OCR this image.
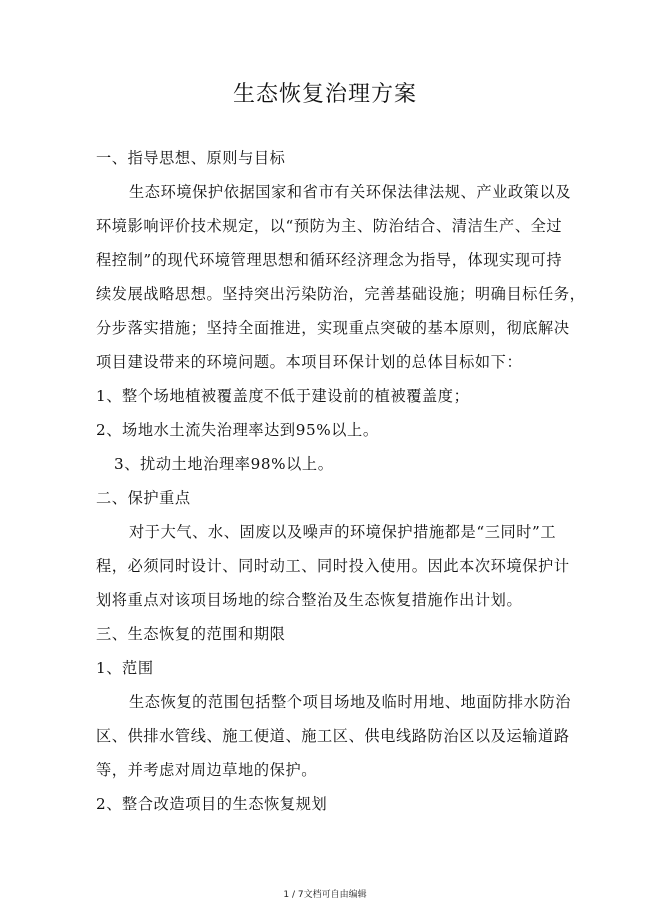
生态恢复治理方案
一、指导思想、原则与目标
生态环境保护依据国家和省市有关环保法律法规、产业政策以及
环境影响评价技术规定，以“预防为主、防治结合、清洁生产、全过
程控制”的现代环境管理思想和循环经济理念为指导，体现实现可持
续发展战略思想。坚持突出污染防治，完善基础设施；明确目标任务，
分步落实措施；坚持全面推进，实现重点突破的基本原则，彻底解决
项目建设带来的环境问题。本项目环保计划的总体目标如下：
1、整个场地植被覆盖度不低于建设前的植被覆盖度；
2、场地水土流失治理率达到95%以上。
3、扰动土地治理率98%以上。
二、保护重点
对于大气、水、固废以及噪声的环境保护措施都是“三同时”工
程，必须同时设计、同时动工、同时投入使用。因此本次环境保护计
划将重点对该项目场地的综合整治及生态恢复措施作出计划。
三、生态恢复的范围和期限
1、范围
生态恢复的范围包括整个项目场地及临时用地、地面防排水防治
区、供排水管线、施工便道、施工区、供电线路防治区以及运输道路
等，并考虑对周边草地的保护。
2、整合改造项目的生态恢复规划
1 / 7文档可自由编辑
